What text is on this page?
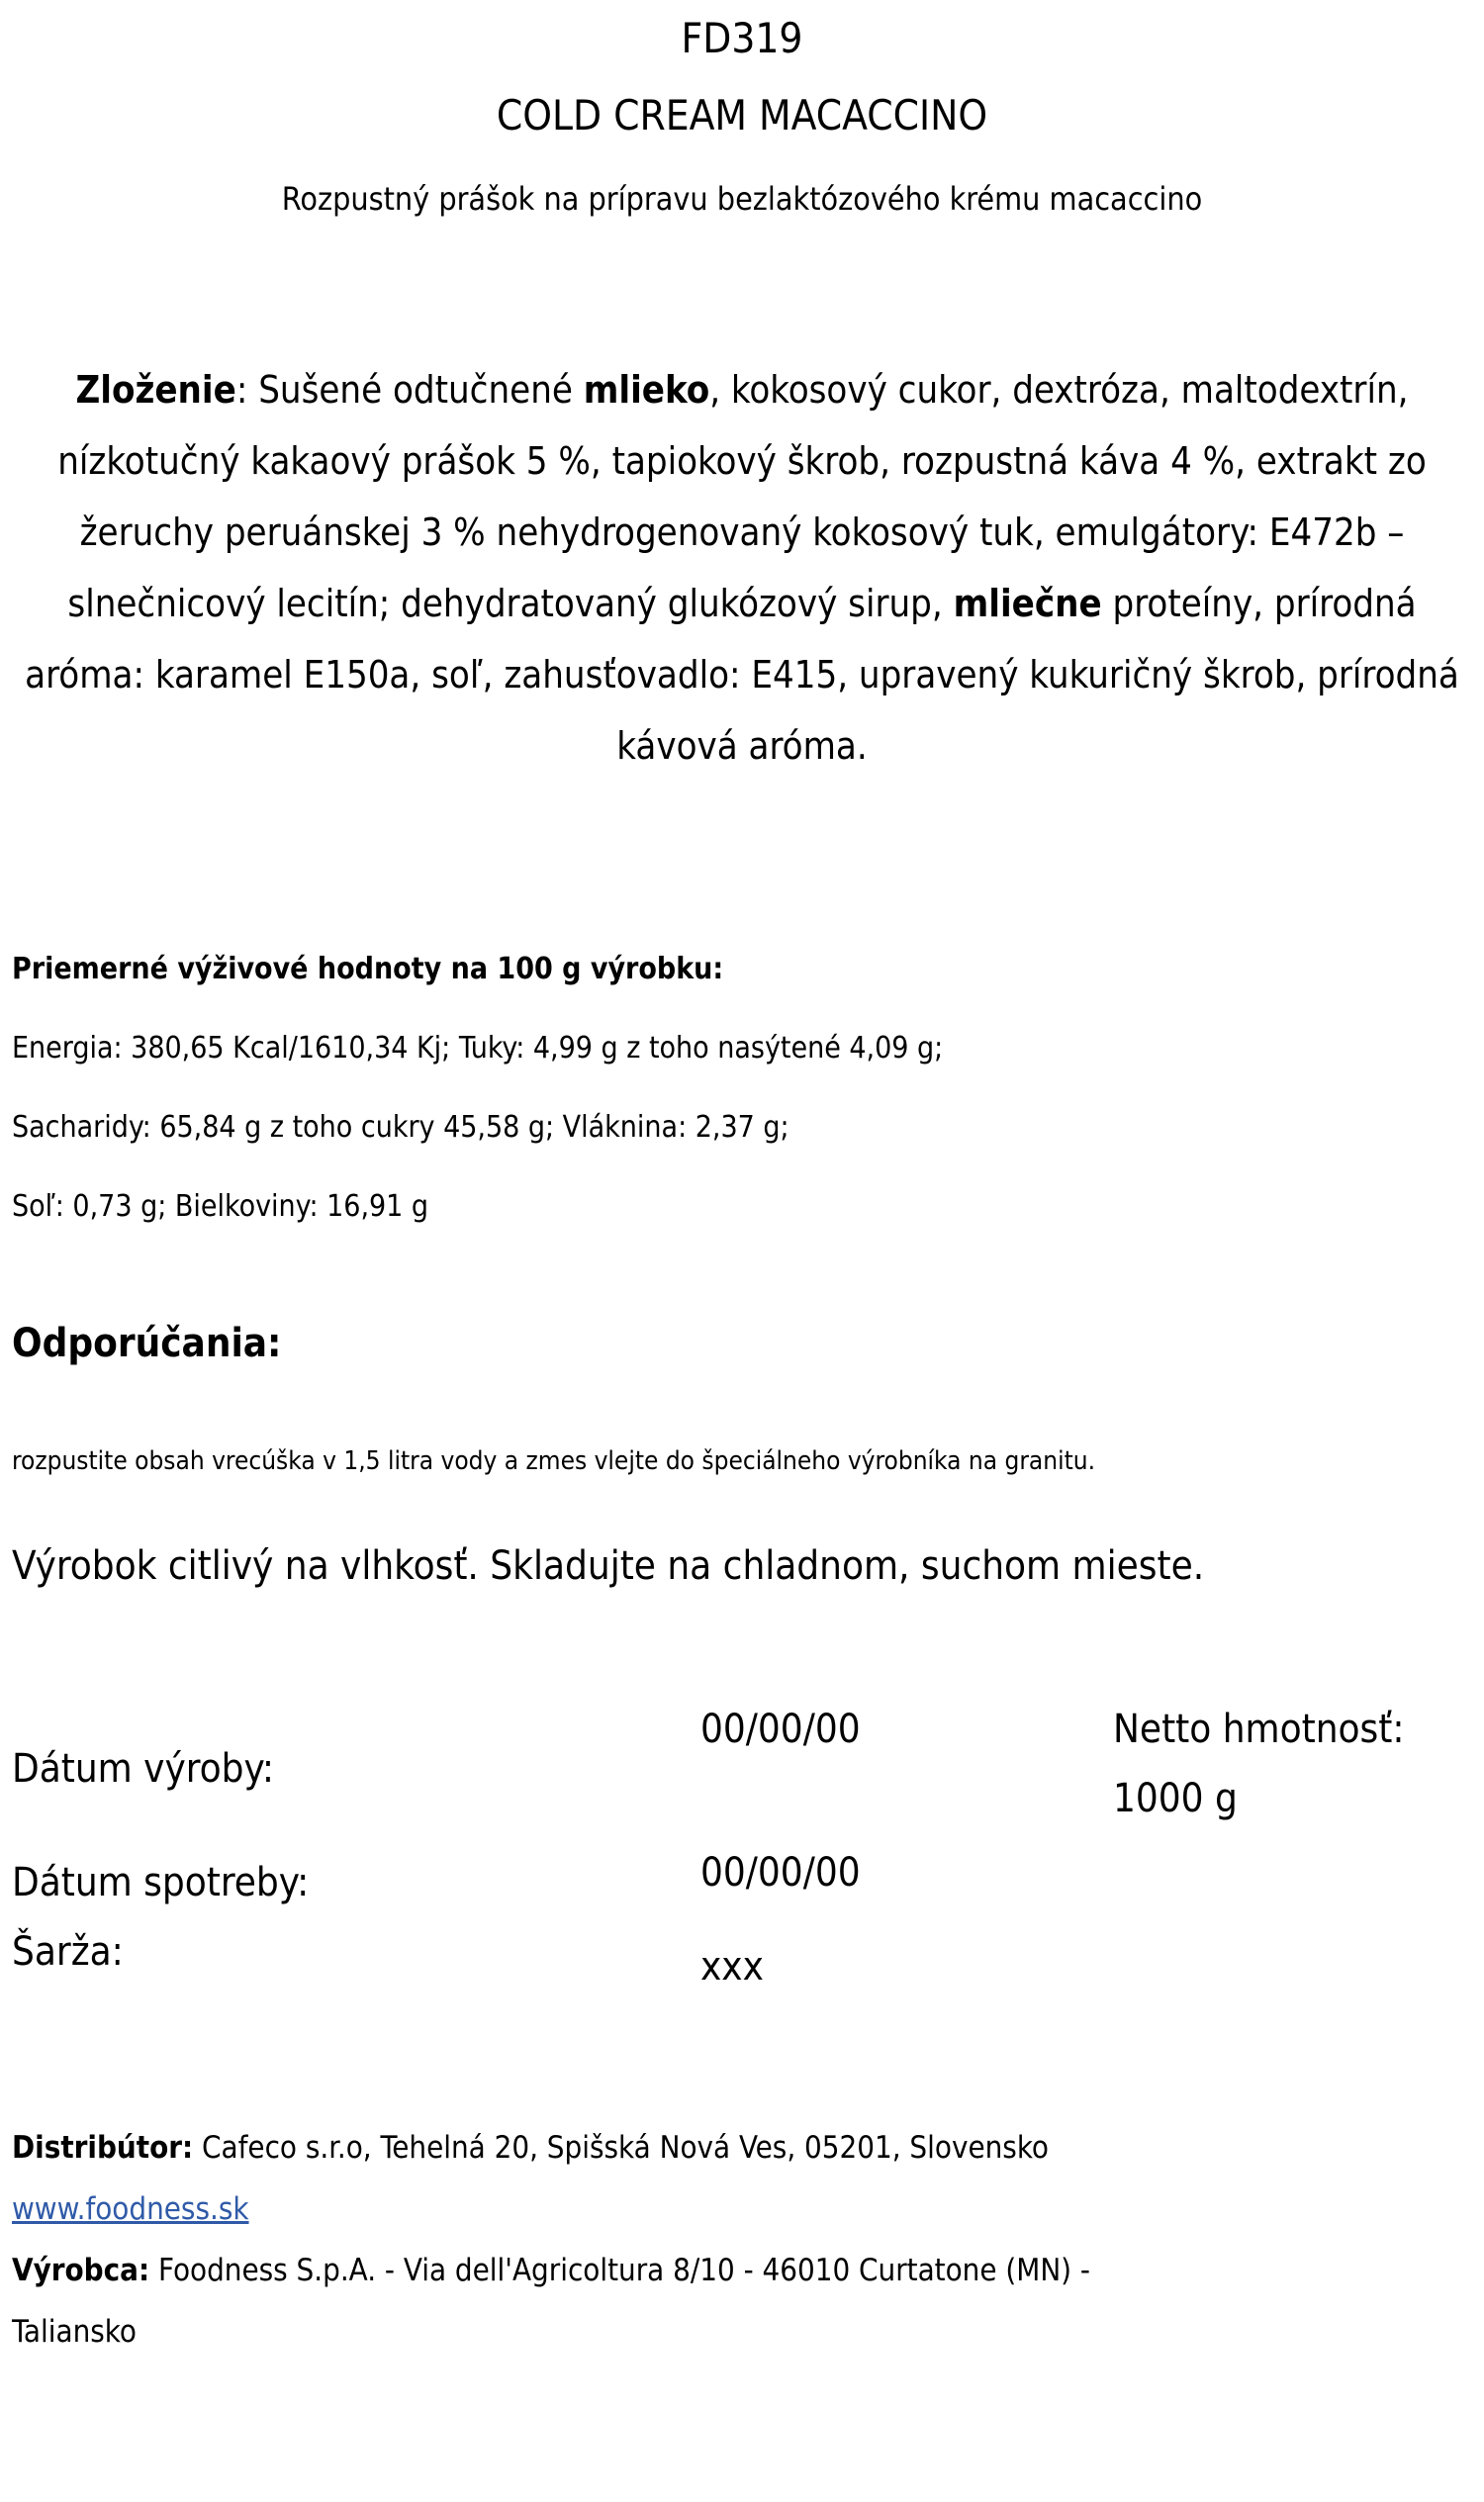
FD319
COLD CREAM MACACCINO
Rozpustný prášok na prípravu bezlaktózového krému macaccino
Zloženie: Sušené odtučnené mlieko, kokosový cukor, dextróza, maltodextrín, nízkotučný kakaový prášok 5 %, tapiokový škrob, rozpustná káva 4 %, extrakt zo žeruchy peruánskej 3 % nehydrogenovaný kokosový tuk, emulgátory: E472b – slnečnicový lecitín; dehydratovaný glukózový sirup, mliečne proteíny, prírodná aróma: karamel E150a, soľ, zahusťovadlo: E415, upravený kukuričný škrob, prírodná kávová aróma.
Priemerné výživové hodnoty na 100 g výrobku:
Energia: 380,65 Kcal/1610,34 Kj; Tuky: 4,99 g z toho nasýtené 4,09 g;
Sacharidy: 65,84 g z toho cukry 45,58 g; Vláknina: 2,37 g;
Soľ: 0,73 g; Bielkoviny: 16,91 g
Odporúčania:
rozpustite obsah vrecúška v 1,5 litra vody a zmes vlejte do špeciálneho výrobníka na granitu.
Výrobok citlivý na vlhkosť. Skladujte na chladnom, suchom mieste.
Dátum výroby:
00/00/00
Dátum spotreby:	00/00/00
Šarža:	xxx
Netto hmotnosť:
1000 g
Distribútor: Cafeco s.r.o, Tehelná 20, Spišská Nová Ves, 05201, Slovensko
www.foodness.sk
Výrobca: Foodness S.p.A. - Via dell'Agricoltura 8/10 - 46010 Curtatone (MN) - Taliansko
